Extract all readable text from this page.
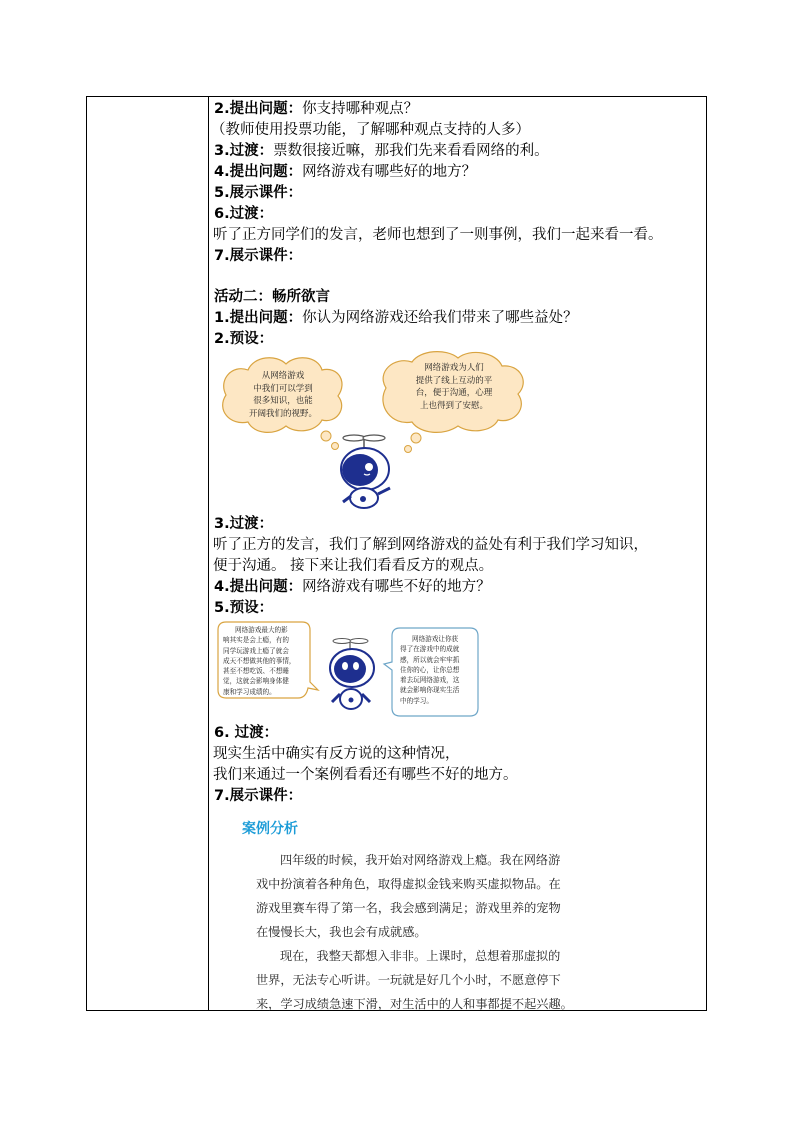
2.提出问题：你支持哪种观点？
（教师使用投票功能，了解哪种观点支持的人多）
3.过渡：票数很接近嘛，那我们先来看看网络的利。
4.提出问题：网络游戏有哪些好的地方？
5.展示课件：
6.过渡：
听了正方同学们的发言，老师也想到了一则事例，我们一起来看一看。
7.展示课件：
活动二：畅所欲言
1.提出问题：你认为网络游戏还给我们带来了哪些益处？
2.预设：
从网络游戏
中我们可以学到
很多知识，也能
开阔我们的视野。
网络游戏为人们
提供了线上互动的平
台，便于沟通，心理
上也得到了安慰。
3.过渡：
听了正方的发言，我们了解到网络游戏的益处有利于我们学习知识，
便于沟通。 接下来让我们看看反方的观点。
4.提出问题：网络游戏有哪些不好的地方？
5.预设：
网络游戏最大的影
响其实是会上瘾，有的
同学玩游戏上瘾了就会
成天不想做其他的事情，
甚至不想吃饭、不想睡
觉，这就会影响身体健
康和学习成绩的。
网络游戏让你获
得了在游戏中的成就
感，所以就会牢牢抓
住你的心，让你总想
着去玩网络游戏，这
就会影响你现实生活
中的学习。
6. 过渡：
现实生活中确实有反方说的这种情况，
我们来通过一个案例看看还有哪些不好的地方。
7.展示课件：
案例分析
四年级的时候，我开始对网络游戏上瘾。我在网络游
戏中扮演着各种角色，取得虚拟金钱来购买虚拟物品。在
游戏里赛车得了第一名，我会感到满足；游戏里养的宠物
在慢慢长大，我也会有成就感。
现在，我整天都想入非非。上课时，总想着那虚拟的
世界，无法专心听讲。一玩就是好几个小时，不愿意停下
来，学习成绩急速下滑，对生活中的人和事都提不起兴趣。
